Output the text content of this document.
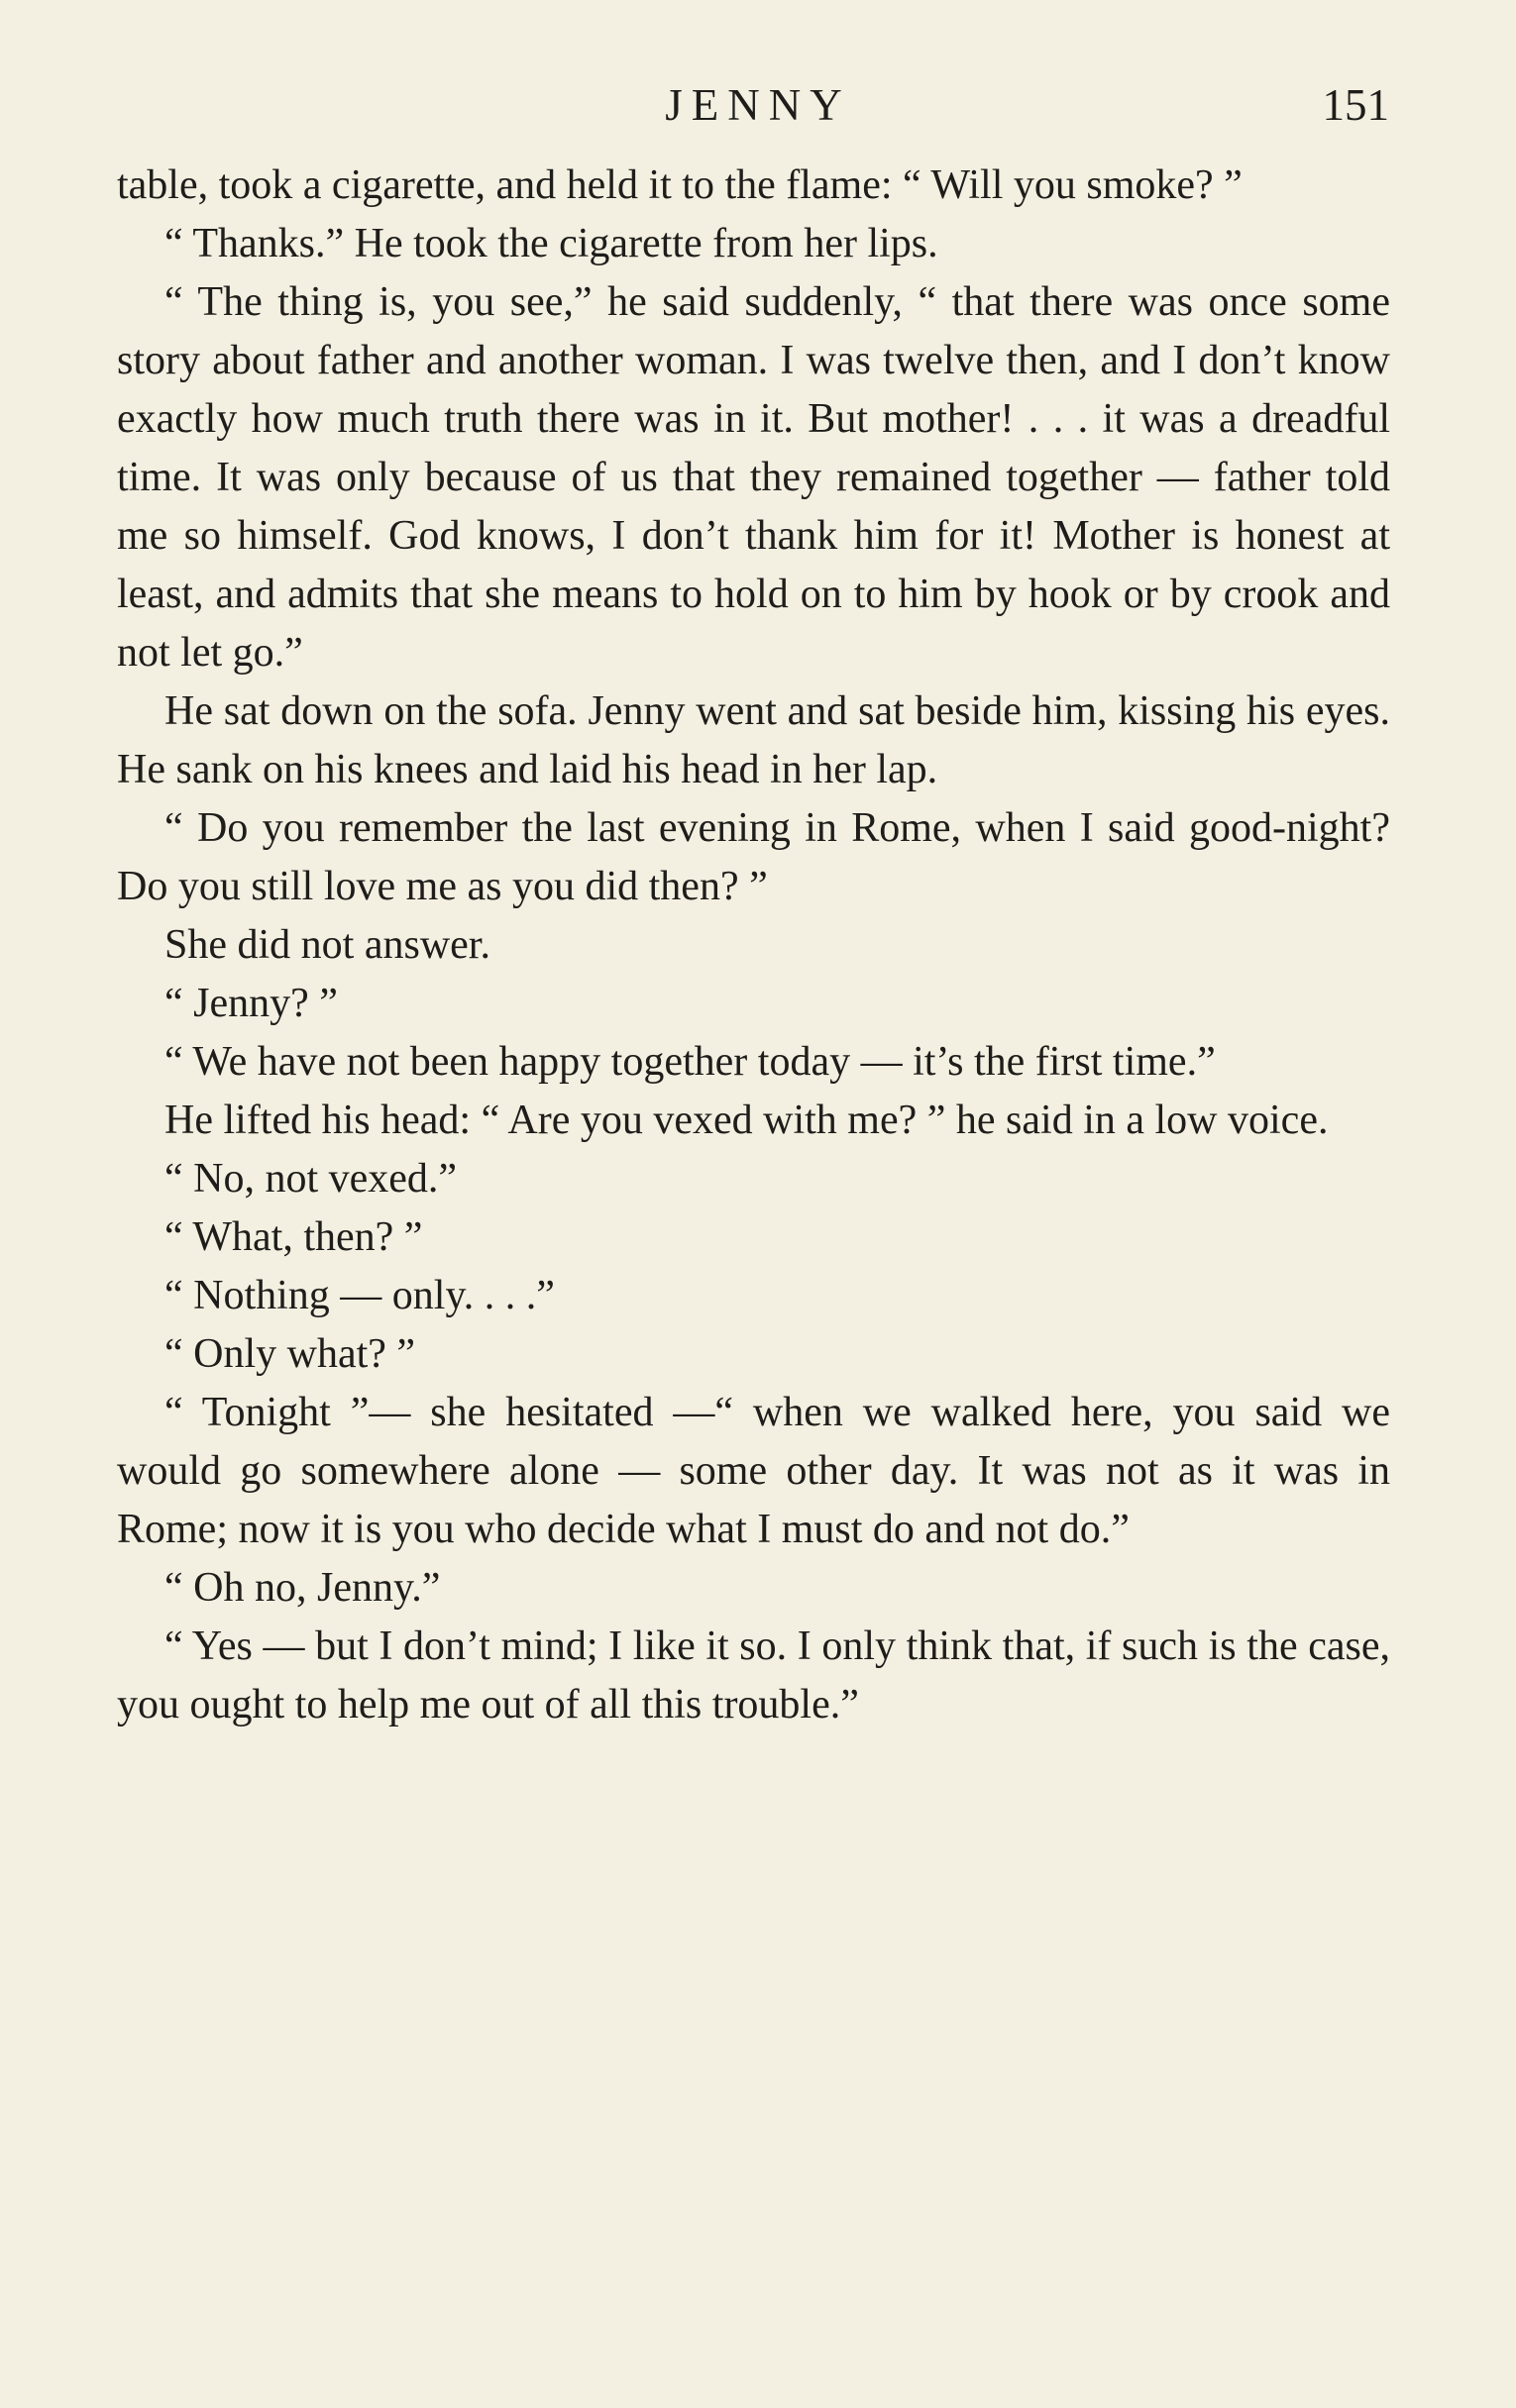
JENNY	151

table, took a cigarette, and held it to the flame: “ Will you smoke? ”

“ Thanks.” He took the cigarette from her lips.

“ The thing is, you see,” he said suddenly, “ that there was once some story about father and another woman. I was twelve then, and I don’t know exactly how much truth there was in it. But mother! . . . it was a dreadful time. It was only because of us that they remained together — father told me so himself. God knows, I don’t thank him for it! Mother is honest at least, and admits that she means to hold on to him by hook or by crook and not let go.”

He sat down on the sofa. Jenny went and sat beside him, kissing his eyes. He sank on his knees and laid his head in her lap.

“ Do you remember the last evening in Rome, when I said good-night? Do you still love me as you did then? ”

She did not answer.

“ Jenny? ”

“ We have not been happy together today — it’s the first time.”

He lifted his head: “ Are you vexed with me? ” he said in a low voice.

“ No, not vexed.”

“ What, then? ”

“ Nothing — only. . . .”

“ Only what? ”

“ Tonight ”— she hesitated —“ when we walked here, you said we would go somewhere alone — some other day. It was not as it was in Rome; now it is you who decide what I must do and not do.”

“ Oh no, Jenny.”

“ Yes — but I don’t mind; I like it so. I only think that, if such is the case, you ought to help me out of all this trouble.”
